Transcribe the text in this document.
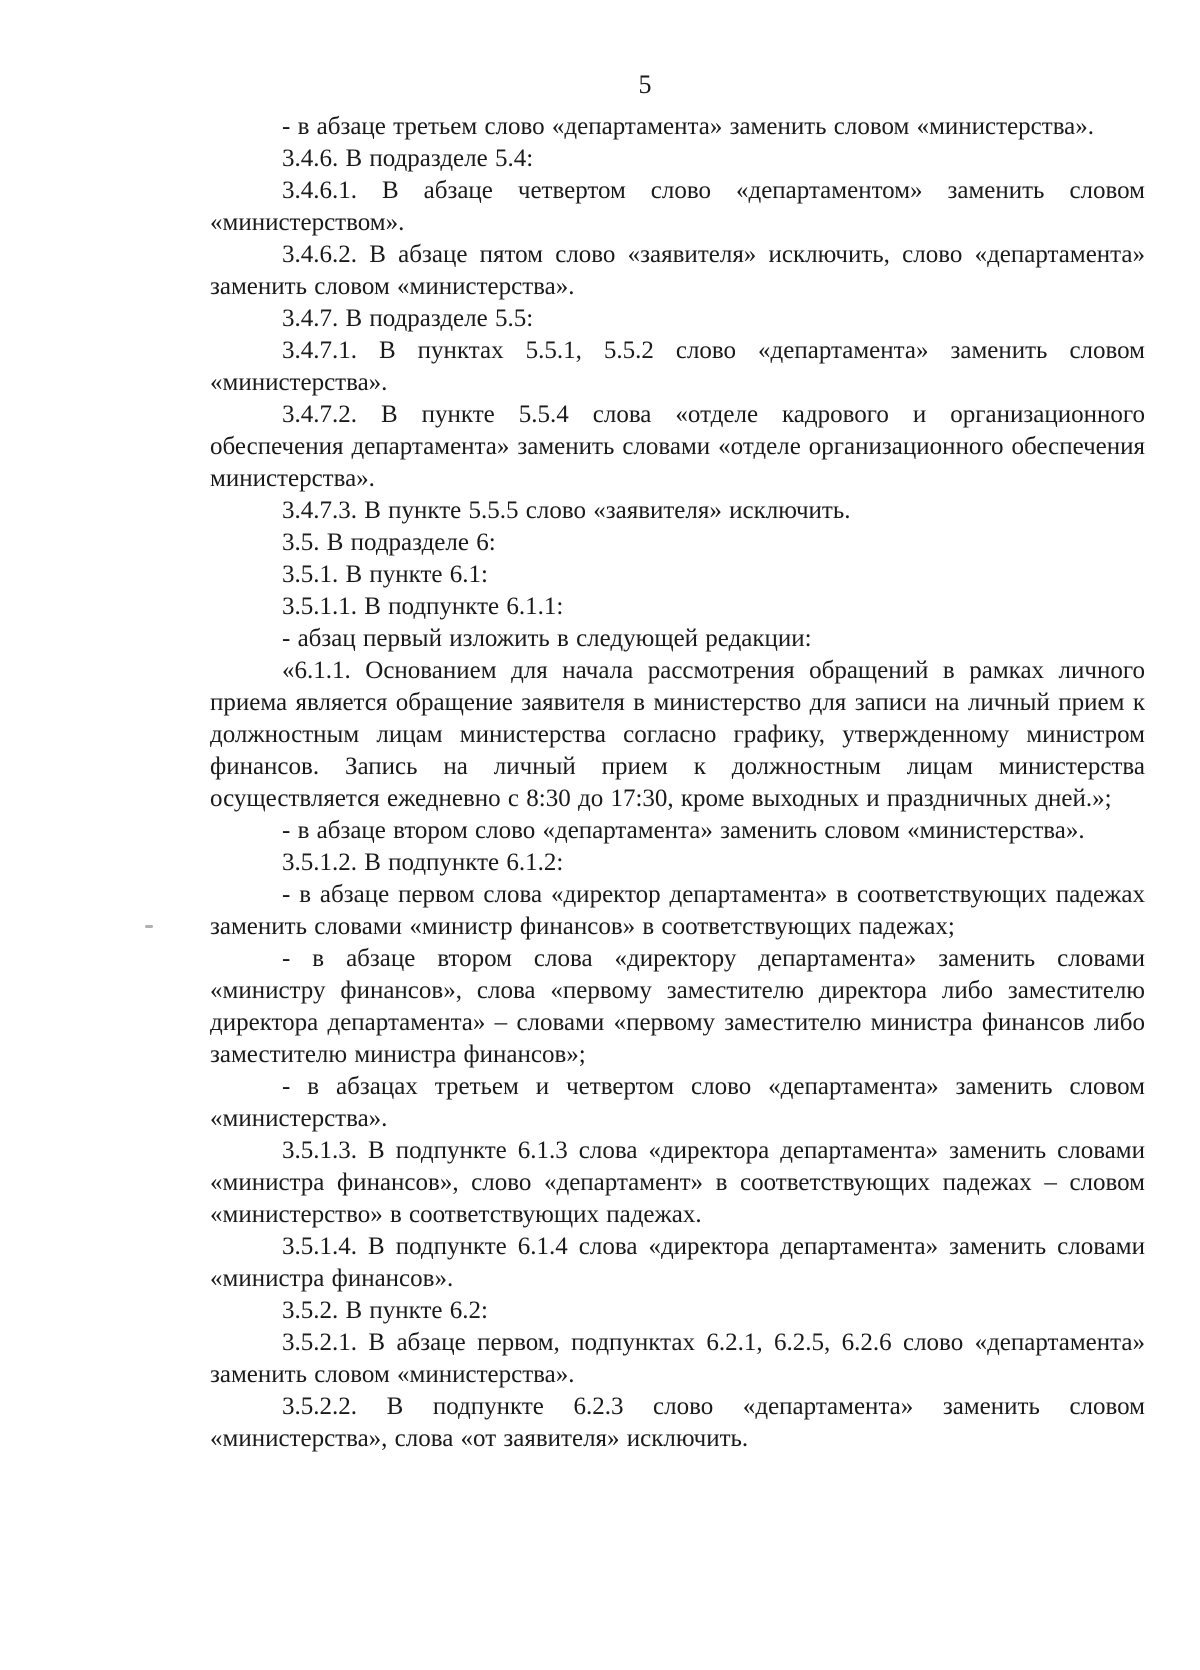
5

- в абзаце третьем слово «департамента» заменить словом «министерства».

3.4.6. В подразделе 5.4:

3.4.6.1. В абзаце четвертом слово «департаментом» заменить словом «министерством».

3.4.6.2. В абзаце пятом слово «заявителя» исключить, слово «департамента» заменить словом «министерства».

3.4.7. В подразделе 5.5:

3.4.7.1. В пунктах 5.5.1, 5.5.2 слово «департамента» заменить словом «министерства».

3.4.7.2. В пункте 5.5.4 слова «отделе кадрового и организационного обеспечения департамента» заменить словами «отделе организационного обеспечения министерства».

3.4.7.3. В пункте 5.5.5 слово «заявителя» исключить.

3.5. В подразделе 6:

3.5.1. В пункте 6.1:

3.5.1.1. В подпункте 6.1.1:

- абзац первый изложить в следующей редакции:

«6.1.1. Основанием для начала рассмотрения обращений в рамках личного приема является обращение заявителя в министерство для записи на личный прием к должностным лицам министерства согласно графику, утвержденному министром финансов. Запись на личный прием к должностным лицам министерства осуществляется ежедневно с 8:30 до 17:30, кроме выходных и праздничных дней.»;

- в абзаце втором слово «департамента» заменить словом «министерства».

3.5.1.2. В подпункте 6.1.2:

- в абзаце первом слова «директор департамента» в соответствующих падежах заменить словами «министр финансов» в соответствующих падежах;

- в абзаце втором слова «директору департамента» заменить словами «министру финансов», слова «первому заместителю директора либо заместителю директора департамента» – словами «первому заместителю министра финансов либо заместителю министра финансов»;

- в абзацах третьем и четвертом слово «департамента» заменить словом «министерства».

3.5.1.3. В подпункте 6.1.3 слова «директора департамента» заменить словами «министра финансов», слово «департамент» в соответствующих падежах – словом «министерство» в соответствующих падежах.

3.5.1.4. В подпункте 6.1.4 слова «директора департамента» заменить словами «министра финансов».

3.5.2. В пункте 6.2:

3.5.2.1. В абзаце первом, подпунктах 6.2.1, 6.2.5, 6.2.6 слово «департамента» заменить словом «министерства».

3.5.2.2. В подпункте 6.2.3 слово «департамента» заменить словом «министерства», слова «от заявителя» исключить.
